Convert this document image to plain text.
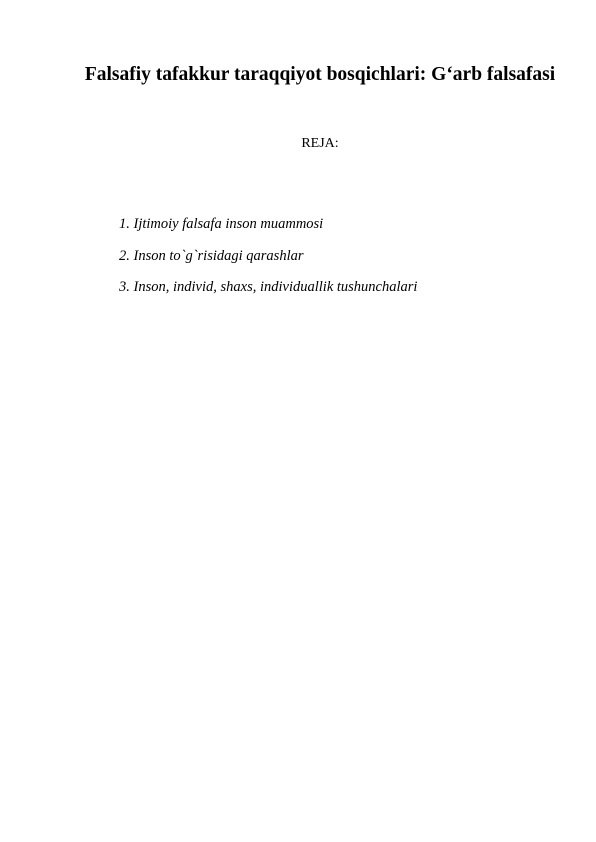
Falsafiy tafakkur taraqqiyot bosqichlari: G‘arb falsafasi

REJA:

1. Ijtimoiy falsafa inson muammosi
2. Inson to`g`risidagi qarashlar
3. Inson, individ, shaxs, individuallik tushunchalari
